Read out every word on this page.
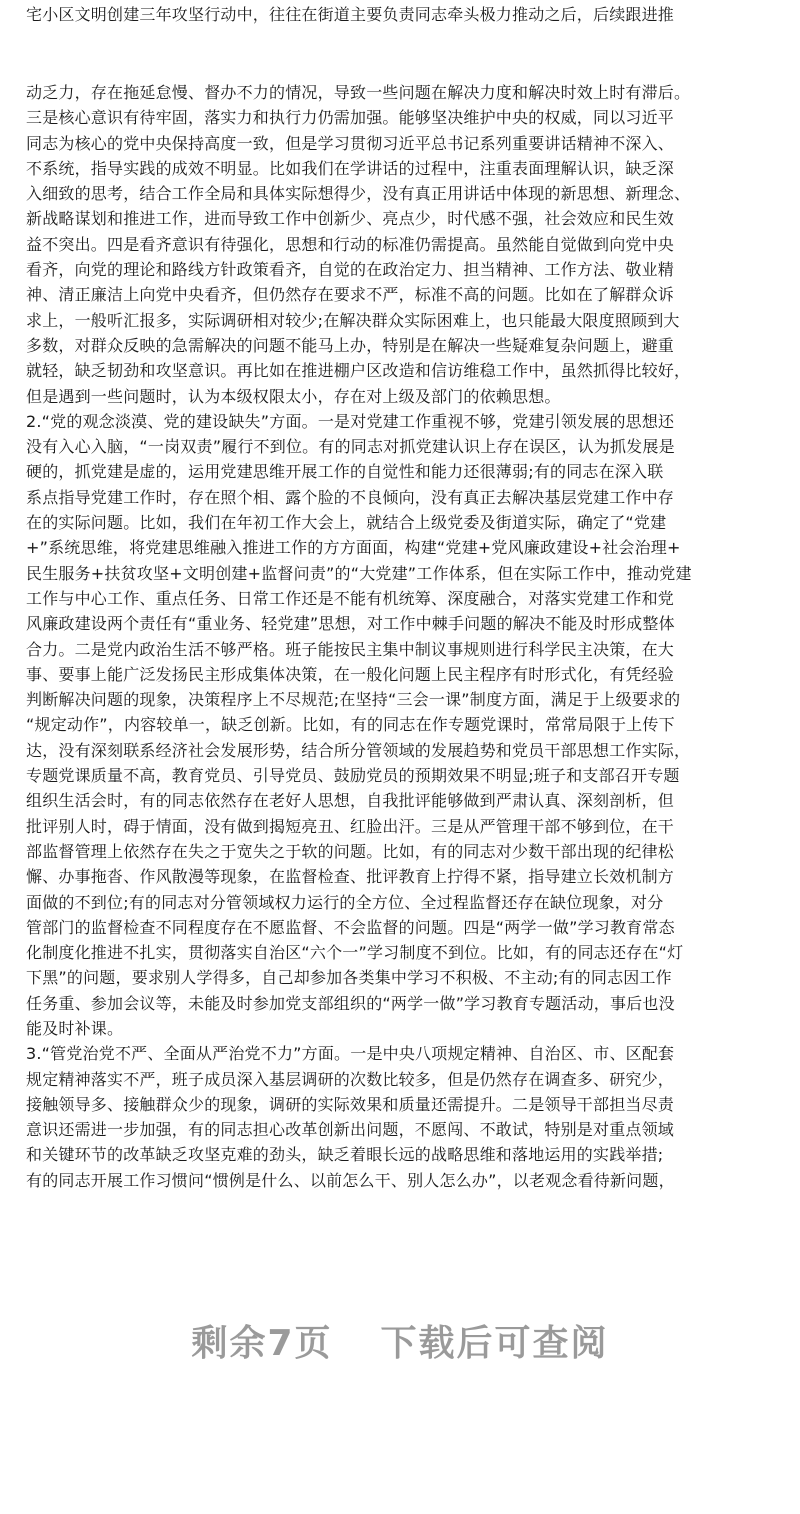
宅小区文明创建三年攻坚行动中，往往在街道主要负责同志牵头极力推动之后，后续跟进推
动乏力，存在拖延怠慢、督办不力的情况，导致一些问题在解决力度和解决时效上时有滞后。
三是核心意识有待牢固，落实力和执行力仍需加强。能够坚决维护中央的权威，同以习近平
同志为核心的党中央保持高度一致，但是学习贯彻习近平总书记系列重要讲话精神不深入、
不系统，指导实践的成效不明显。比如我们在学讲话的过程中，注重表面理解认识，缺乏深
入细致的思考，结合工作全局和具体实际想得少，没有真正用讲话中体现的新思想、新理念、
新战略谋划和推进工作，进而导致工作中创新少、亮点少，时代感不强，社会效应和民生效
益不突出。四是看齐意识有待强化，思想和行动的标准仍需提高。虽然能自觉做到向党中央
看齐，向党的理论和路线方针政策看齐，自觉的在政治定力、担当精神、工作方法、敬业精
神、清正廉洁上向党中央看齐，但仍然存在要求不严，标准不高的问题。比如在了解群众诉
求上，一般听汇报多，实际调研相对较少;在解决群众实际困难上，也只能最大限度照顾到大
多数，对群众反映的急需解决的问题不能马上办，特别是在解决一些疑难复杂问题上，避重
就轻，缺乏韧劲和攻坚意识。再比如在推进棚户区改造和信访维稳工作中，虽然抓得比较好，
但是遇到一些问题时，认为本级权限太小，存在对上级及部门的依赖思想。
2.“党的观念淡漠、党的建设缺失”方面。一是对党建工作重视不够，党建引领发展的思想还
没有入心入脑，“一岗双责”履行不到位。有的同志对抓党建认识上存在误区，认为抓发展是
硬的，抓党建是虚的，运用党建思维开展工作的自觉性和能力还很薄弱;有的同志在深入联
系点指导党建工作时，存在照个相、露个脸的不良倾向，没有真正去解决基层党建工作中存
在的实际问题。比如，我们在年初工作大会上，就结合上级党委及街道实际，确定了“党建
+”系统思维，将党建思维融入推进工作的方方面面，构建“党建+党风廉政建设+社会治理+
民生服务+扶贫攻坚+文明创建+监督问责”的“大党建”工作体系，但在实际工作中，推动党建
工作与中心工作、重点任务、日常工作还是不能有机统筹、深度融合，对落实党建工作和党
风廉政建设两个责任有“重业务、轻党建”思想，对工作中棘手问题的解决不能及时形成整体
合力。二是党内政治生活不够严格。班子能按民主集中制议事规则进行科学民主决策，在大
事、要事上能广泛发扬民主形成集体决策，在一般化问题上民主程序有时形式化，有凭经验
判断解决问题的现象，决策程序上不尽规范;在坚持“三会一课”制度方面，满足于上级要求的
“规定动作”，内容较单一，缺乏创新。比如，有的同志在作专题党课时，常常局限于上传下
达，没有深刻联系经济社会发展形势，结合所分管领域的发展趋势和党员干部思想工作实际，
专题党课质量不高，教育党员、引导党员、鼓励党员的预期效果不明显;班子和支部召开专题
组织生活会时，有的同志依然存在老好人思想，自我批评能够做到严肃认真、深刻剖析，但
批评别人时，碍于情面，没有做到揭短亮丑、红脸出汗。三是从严管理干部不够到位，在干
部监督管理上依然存在失之于宽失之于软的问题。比如，有的同志对少数干部出现的纪律松
懈、办事拖沓、作风散漫等现象，在监督检查、批评教育上拧得不紧，指导建立长效机制方
面做的不到位;有的同志对分管领域权力运行的全方位、全过程监督还存在缺位现象，对分
管部门的监督检查不同程度存在不愿监督、不会监督的问题。四是“两学一做”学习教育常态
化制度化推进不扎实，贯彻落实自治区“六个一”学习制度不到位。比如，有的同志还存在“灯
下黑”的问题，要求别人学得多，自己却参加各类集中学习不积极、不主动;有的同志因工作
任务重、参加会议等，未能及时参加党支部组织的“两学一做”学习教育专题活动，事后也没
能及时补课。
3.“管党治党不严、全面从严治党不力”方面。一是中央八项规定精神、自治区、市、区配套
规定精神落实不严，班子成员深入基层调研的次数比较多，但是仍然存在调查多、研究少，
接触领导多、接触群众少的现象，调研的实际效果和质量还需提升。二是领导干部担当尽责
意识还需进一步加强，有的同志担心改革创新出问题，不愿闯、不敢试，特别是对重点领域
和关键环节的改革缺乏攻坚克难的劲头，缺乏着眼长远的战略思维和落地运用的实践举措;
有的同志开展工作习惯问“惯例是什么、以前怎么干、别人怎么办”，以老观念看待新问题，
剩余7页 下载后可查阅
